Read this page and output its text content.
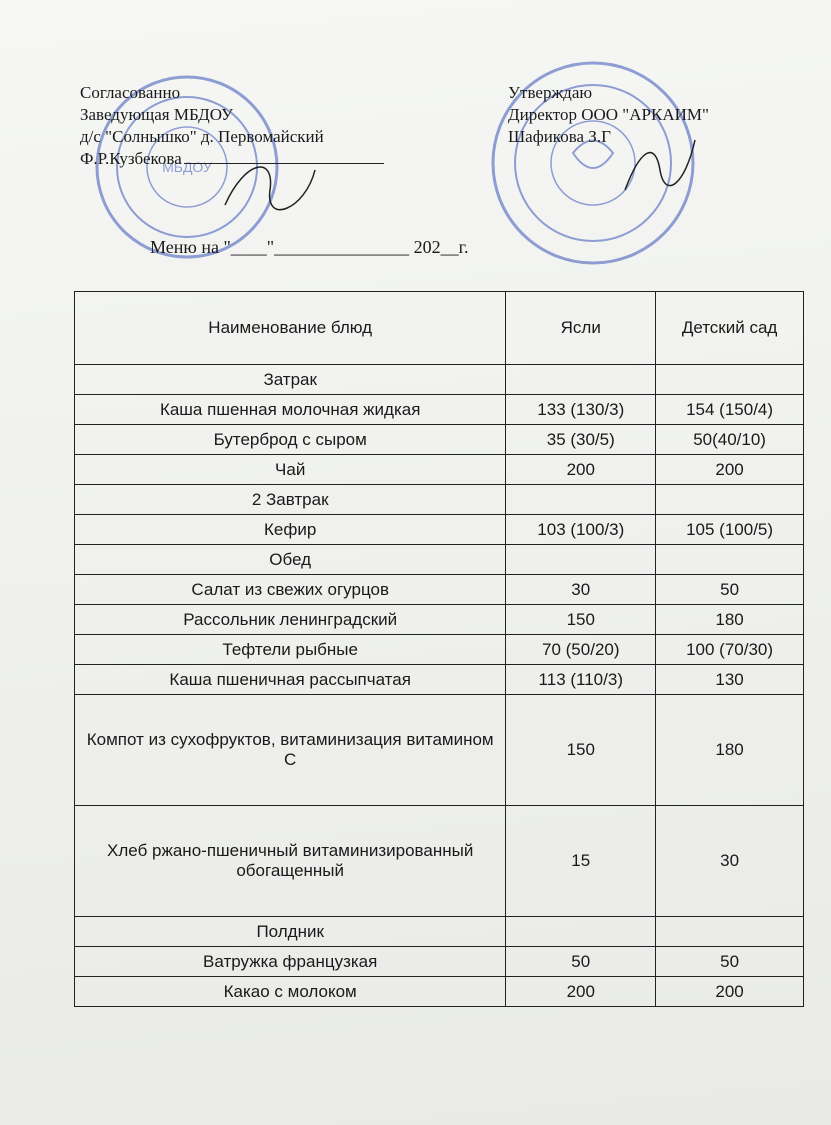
МБДОУ
Согласованно
Заведующая МБДОУ
д/с "Солнышко" д. Первомайский
Ф.Р.Кузбекова
Утверждаю
Директор ООО "АРКАИМ"
Шафикова З.Г
Меню на "____"_______________ 202__г.
Наименование блюд	Ясли	Детский сад
Затрак		
Каша пшенная молочная жидкая	133 (130/3)	154 (150/4)
Бутерброд с сыром	35 (30/5)	50(40/10)
Чай	200	200
2 Завтрак		
Кефир	103 (100/3)	105 (100/5)
Обед		
Салат из свежих огурцов	30	50
Рассольник ленинградский	150	180
Тефтели рыбные	70 (50/20)	100 (70/30)
Каша пшеничная рассыпчатая	113 (110/3)	130
Компот из сухофруктов, витаминизация витамином С	150	180
Хлеб ржано-пшеничный витаминизированный обогащенный	15	30
Полдник		
Ватружка французкая	50	50
Какао с молоком	200	200
